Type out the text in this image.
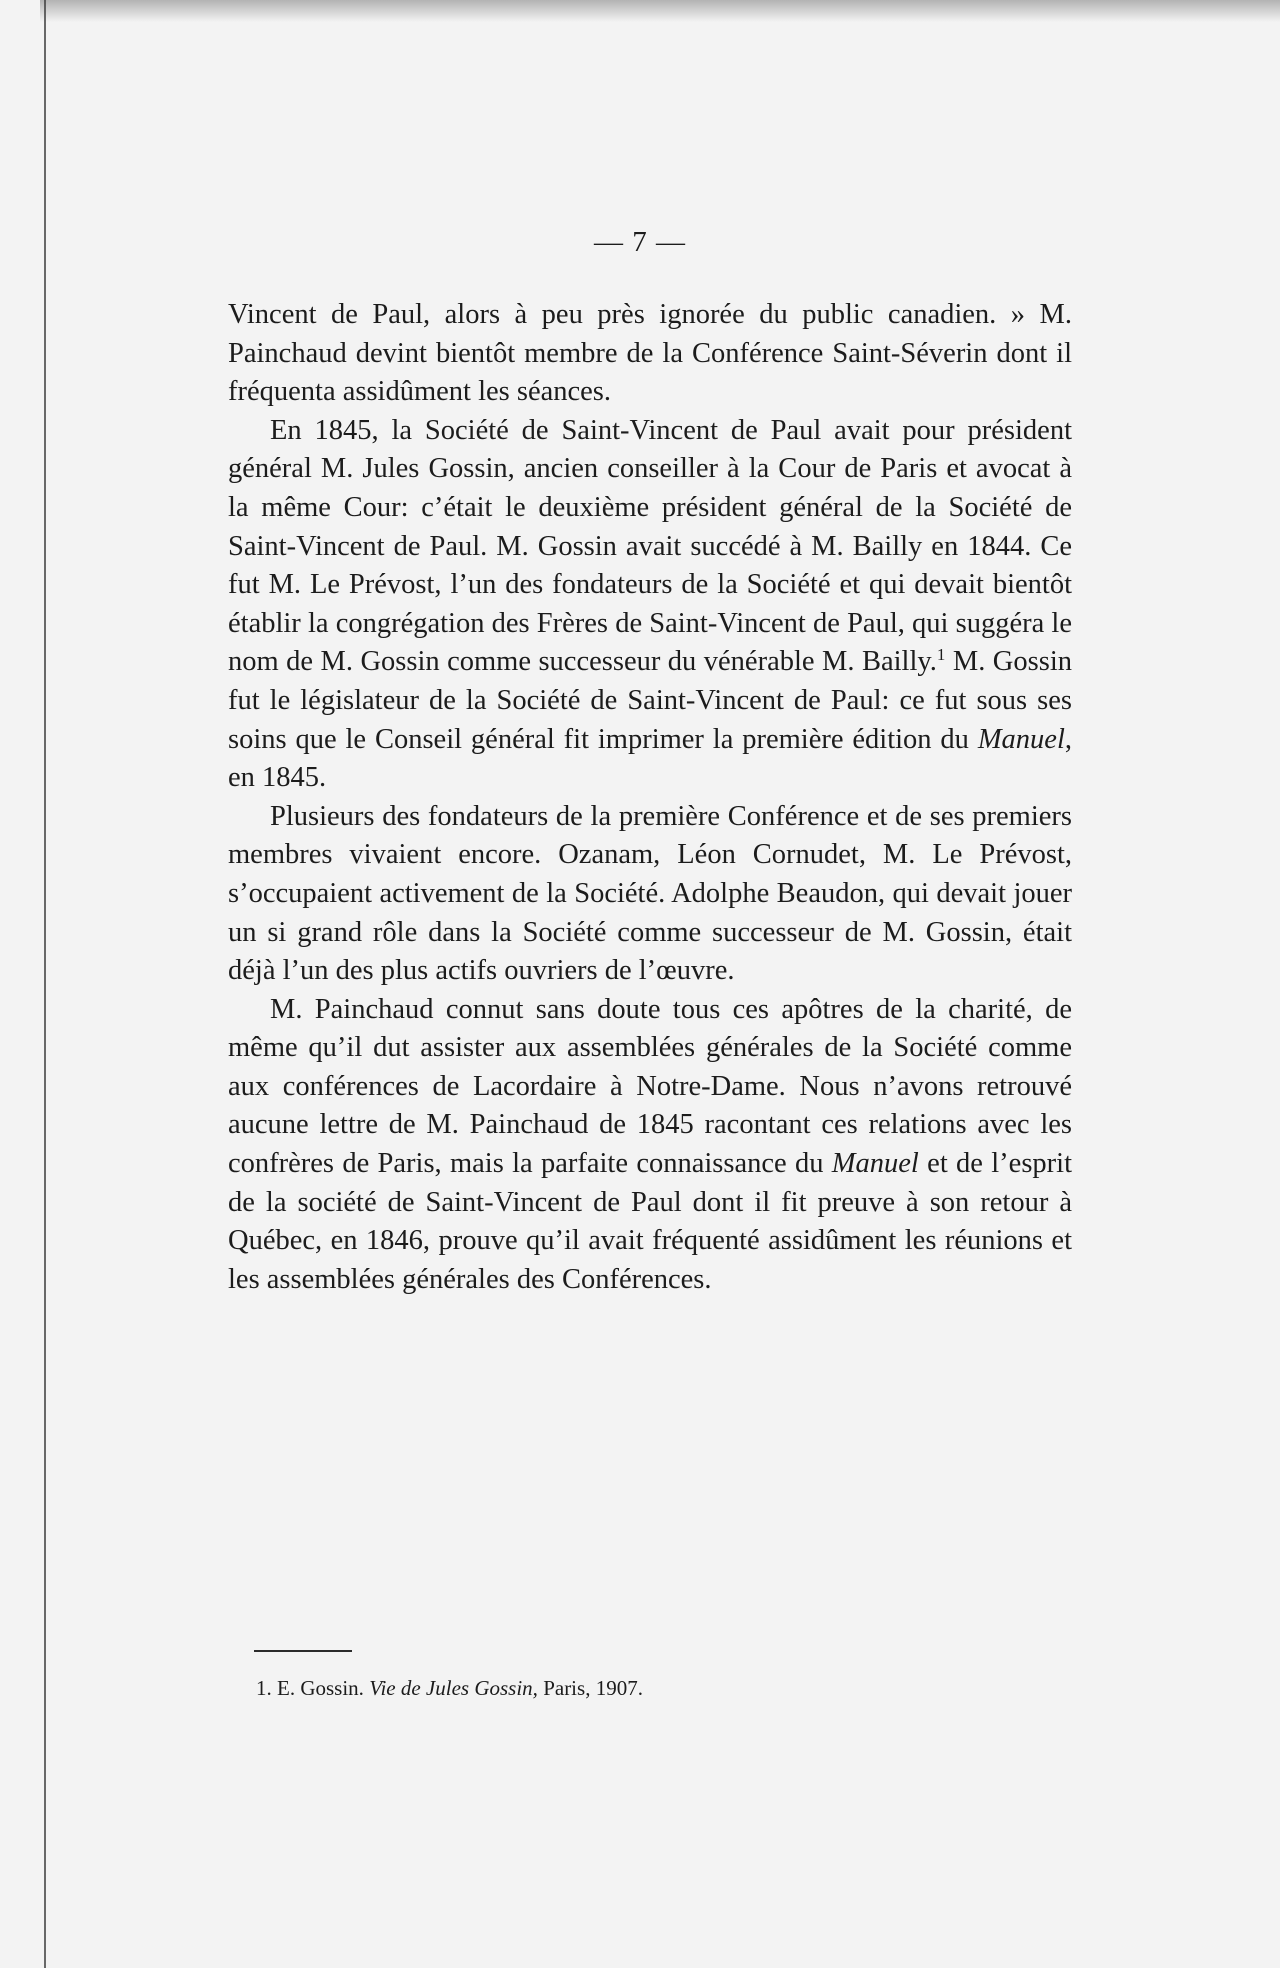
— 7 —

Vincent de Paul, alors à peu près ignorée du public canadien. » M. Painchaud devint bientôt membre de la Conférence Saint-Séverin dont il fréquenta assidûment les séances.

En 1845, la Société de Saint-Vincent de Paul avait pour président général M. Jules Gossin, ancien conseiller à la Cour de Paris et avocat à la même Cour: c’était le deuxième président général de la Société de Saint-Vincent de Paul. M. Gossin avait succédé à M. Bailly en 1844. Ce fut M. Le Prévost, l’un des fondateurs de la Société et qui devait bientôt établir la congrégation des Frères de Saint-Vincent de Paul, qui suggéra le nom de M. Gossin comme successeur du vénérable M. Bailly.$^1$ M. Gossin fut le législateur de la Société de Saint-Vincent de Paul: ce fut sous ses soins que le Conseil général fit imprimer la première édition du Manuel, en 1845.

Plusieurs des fondateurs de la première Conférence et de ses premiers membres vivaient encore. Ozanam, Léon Cornudet, M. Le Prévost, s’occupaient activement de la Société. Adolphe Beaudon, qui devait jouer un si grand rôle dans la Société comme successeur de M. Gossin, était déjà l’un des plus actifs ouvriers de l’œuvre.

M. Painchaud connut sans doute tous ces apôtres de la charité, de même qu’il dut assister aux assemblées générales de la Société comme aux conférences de Lacordaire à Notre-Dame. Nous n’avons retrouvé aucune lettre de M. Painchaud de 1845 racontant ces relations avec les confrères de Paris, mais la parfaite connaissance du Manuel et de l’esprit de la société de Saint-Vincent de Paul dont il fit preuve à son retour à Québec, en 1846, prouve qu’il avait fréquenté assidûment les réunions et les assemblées générales des Conférences.

1. E. Gossin. Vie de Jules Gossin, Paris, 1907.
